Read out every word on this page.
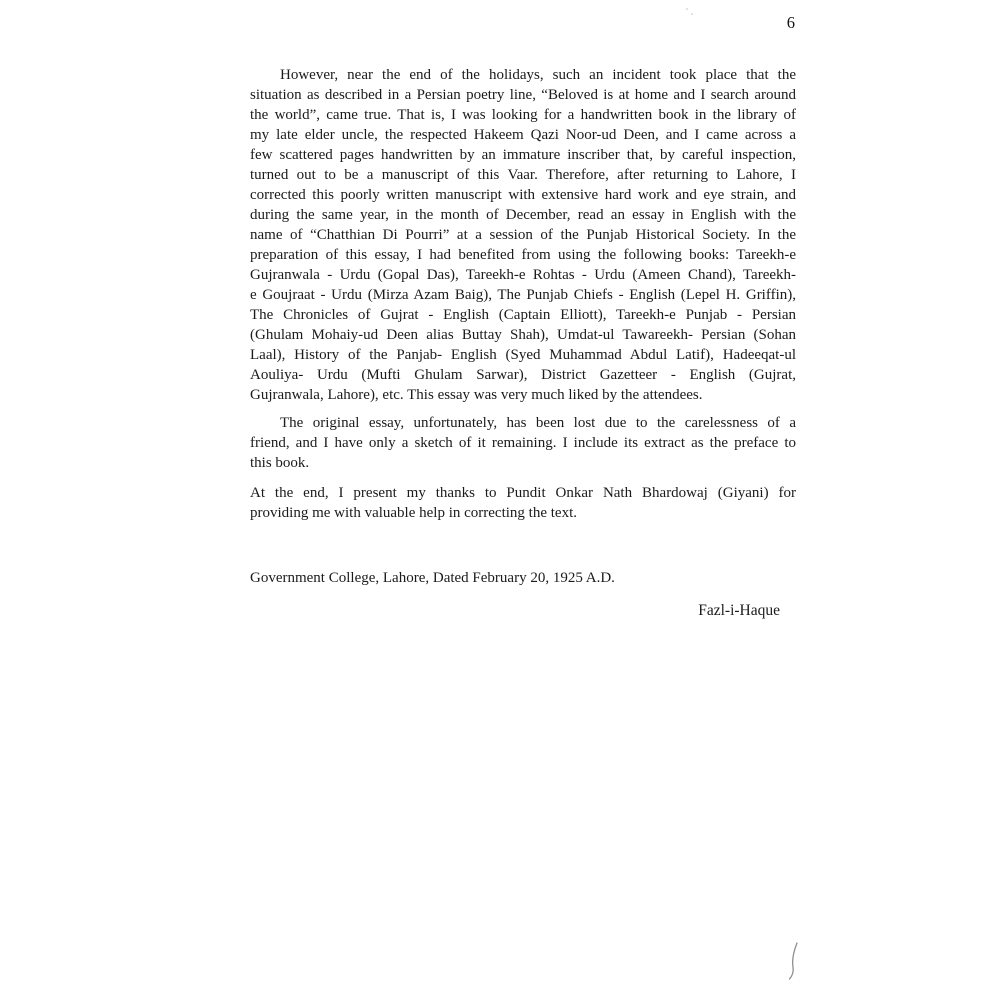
6
However, near the end of the holidays, such an incident took place that the
situation as described in a Persian poetry line, “Beloved is at home and I search around
the world”, came true. That is, I was looking for a handwritten book in the library of
my late elder uncle, the respected Hakeem Qazi Noor-ud Deen, and I came across a
few scattered pages handwritten by an immature inscriber that, by careful inspection,
turned out to be a manuscript of this Vaar. Therefore, after returning to Lahore, I
corrected this poorly written manuscript with extensive hard work and eye strain, and
during the same year, in the month of December, read an essay in English with the
name of “Chatthian Di Pourri” at a session of the Punjab Historical Society. In the
preparation of this essay, I had benefited from using the following books: Tareekh-e
Gujranwala - Urdu (Gopal Das), Tareekh-e Rohtas - Urdu (Ameen Chand), Tareekh-
e Goujraat - Urdu (Mirza Azam Baig), The Punjab Chiefs - English (Lepel H. Griffin),
The Chronicles of Gujrat - English (Captain Elliott), Tareekh-e Punjab - Persian
(Ghulam Mohaiy-ud Deen alias Buttay Shah), Umdat-ul Tawareekh- Persian (Sohan
Laal), History of the Panjab- English (Syed Muhammad Abdul Latif), Hadeeqat-ul
Aouliya- Urdu (Mufti Ghulam Sarwar), District Gazetteer - English (Gujrat,
Gujranwala, Lahore), etc. This essay was very much liked by the attendees.
The original essay, unfortunately, has been lost due to the carelessness of a
friend, and I have only a sketch of it remaining. I include its extract as the preface to
this book.
At the end, I present my thanks to Pundit Onkar Nath Bhardowaj (Giyani) for
providing me with valuable help in correcting the text.
Government College, Lahore, Dated February 20, 1925 A.D.
Fazl-i-Haque
